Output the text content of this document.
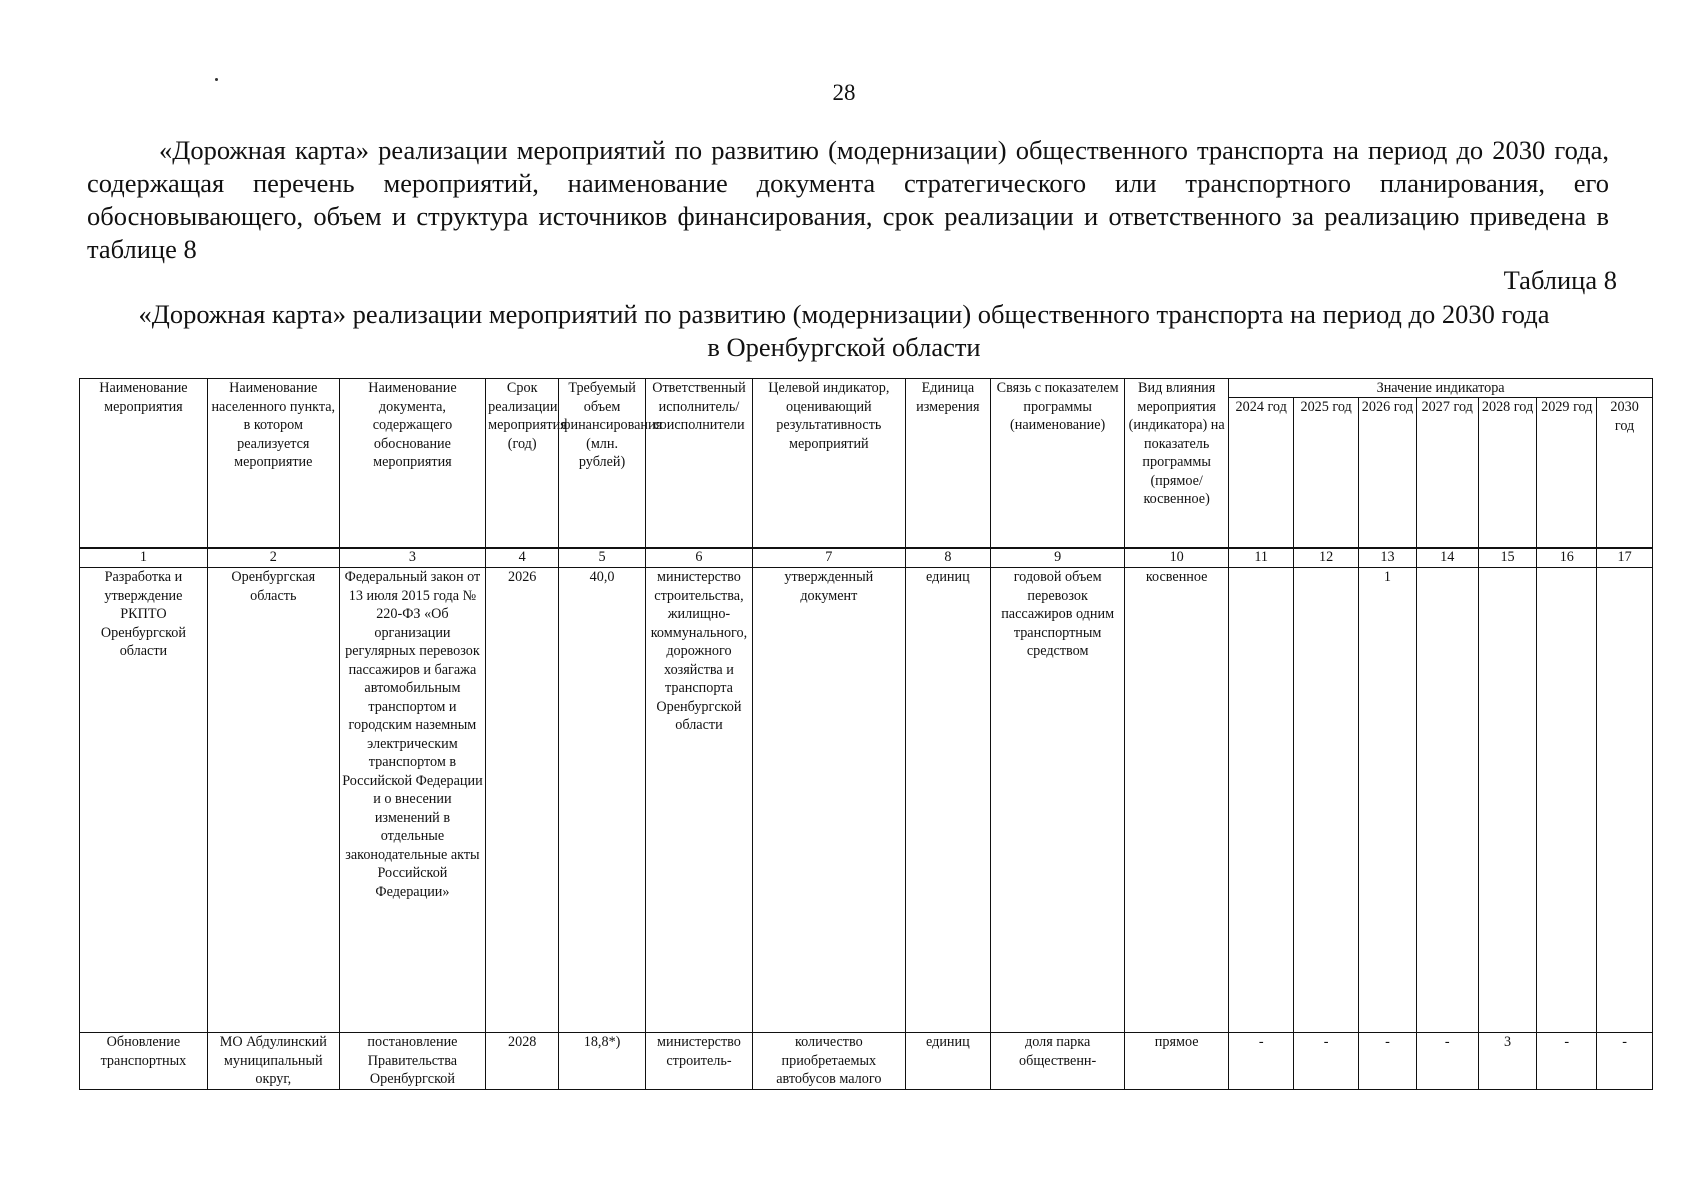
28

«Дорожная карта» реализации мероприятий по развитию (модернизации) общественного транспорта на период до 2030 года, содержащая перечень мероприятий, наименование документа стратегического или транспортного планирования, его обосновывающего, объем и структура источников финансирования, срок реализации и ответственного за реализацию приведена в таблице 8

Таблица 8

«Дорожная карта» реализации мероприятий по развитию (модернизации) общественного транспорта на период до 2030 года
в Оренбургской области
Наименование мероприятия	Наименование населенного пункта, в котором реализуется мероприятие	Наименование документа, содержащего обоснование мероприятия	Срок реализации мероприятия (год)	Требуемый объем финансирования (млн. рублей)	Ответственный исполнитель/соисполнители	Целевой индикатор, оценивающий результативность мероприятий	Единица измерения	Связь с показателем программы (наименование)	Вид влияния мероприятия (индикатора) на показатель программы (прямое/ косвенное)	Значение индикатора						
										2024 год	2025 год	2026 год	2027 год	2028 год	2029 год	2030 год
1	2	3	4	5	6	7	8	9	10	11	12	13	14	15	16	17
Разработка и утверждение РКПТО Оренбургской области	Оренбургская область	Федеральный закон от 13 июля 2015 года № 220-ФЗ «Об организации регулярных перевозок пассажиров и багажа автомобильным транспортом и городским наземным электрическим транспортом в Российской Федерации и о внесении изменений в отдельные законодательные акты Российской Федерации»	2026	40,0	министерство строительства, жилищно-коммунального, дорожного хозяйства и транспорта Оренбургской области	утвержденный документ	единиц	годовой объем перевозок пассажиров одним транспортным средством	косвенное			1				
Обновление транспортных	МО Абдулинский муниципальный округ,	постановление Правительства Оренбургской	2028	18,8*)	министерство строитель-	количество приобретаемых автобусов малого	единиц	доля парка общественн-	прямое	-	-	-	-	3	-	-
